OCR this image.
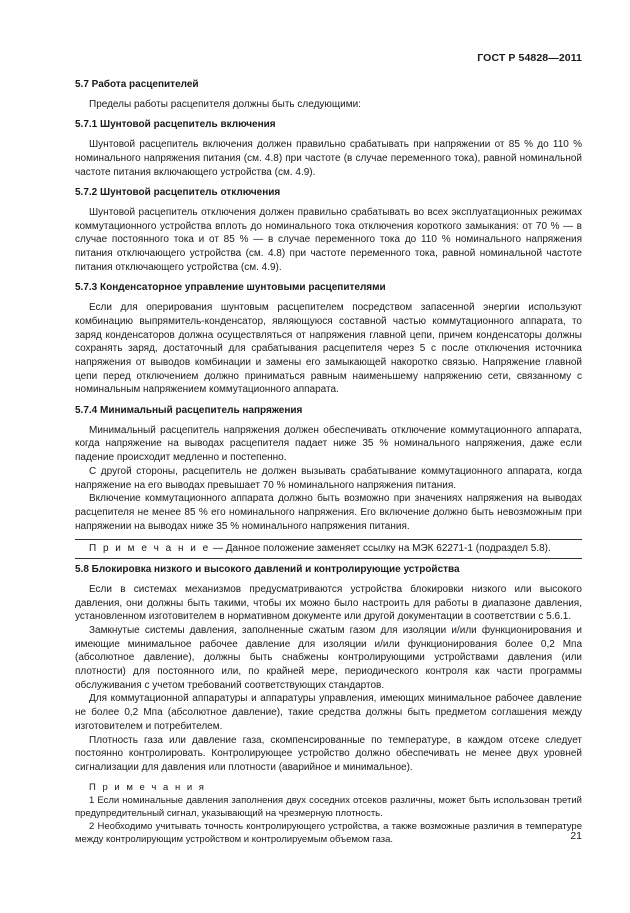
ГОСТ Р 54828—2011
5.7 Работа расцепителей
Пределы работы расцепителя должны быть следующими:
5.7.1 Шунтовой расцепитель включения
Шунтовой расцепитель включения должен правильно срабатывать при напряжении от 85 % до 110 % номинального напряжения питания (см. 4.8) при частоте (в случае переменного тока), равной номинальной частоте питания включающего устройства (см. 4.9).
5.7.2 Шунтовой расцепитель отключения
Шунтовой расцепитель отключения должен правильно срабатывать во всех эксплуатационных режимах коммутационного устройства вплоть до номинального тока отключения короткого замыкания: от 70 % — в случае постоянного тока и от 85 % — в случае переменного тока до 110 % номинального напряжения питания отключающего устройства (см. 4.8) при частоте переменного тока, равной номинальной частоте питания отключающего устройства (см. 4.9).
5.7.3 Конденсаторное управление шунтовыми расцепителями
Если для оперирования шунтовым расцепителем посредством запасенной энергии используют комбинацию выпрямитель-конденсатор, являющуюся составной частью коммутационного аппарата, то заряд конденсаторов должна осуществляться от напряжения главной цепи, причем конденсаторы должны сохранять заряд, достаточный для срабатывания расцепителя через 5 с после отключения источника напряжения от выводов комбинации и замены его замыкающей накоротко связью. Напряжение главной цепи перед отключением должно приниматься равным наименьшему напряжению сети, связанному с номинальным напряжением коммутационного аппарата.
5.7.4 Минимальный расцепитель напряжения
Минимальный расцепитель напряжения должен обеспечивать отключение коммутационного аппарата, когда напряжение на выводах расцепителя падает ниже 35 % номинального напряжения, даже если падение происходит медленно и постепенно.
С другой стороны, расцепитель не должен вызывать срабатывание коммутационного аппарата, когда напряжение на его выводах превышает 70 % номинального напряжения питания.
Включение коммутационного аппарата должно быть возможно при значениях напряжения на выводах расцепителя не менее 85 % его номинального напряжения. Его включение должно быть невозможным при напряжении на выводах ниже 35 % номинального напряжения питания.
П р и м е ч а н и е — Данное положение заменяет ссылку на МЭК 62271-1 (подраздел 5.8).
5.8 Блокировка низкого и высокого давлений и контролирующие устройства
Если в системах механизмов предусматриваются устройства блокировки низкого или высокого давления, они должны быть такими, чтобы их можно было настроить для работы в диапазоне давления, установленном изготовителем в нормативном документе или другой документации в соответствии с 5.6.1.
Замкнутые системы давления, заполненные сжатым газом для изоляции и/или функционирования и имеющие минимальное рабочее давление для изоляции и/или функционирования более 0,2 Мпа (абсолютное давление), должны быть снабжены контролирующими устройствами давления (или плотности) для постоянного или, по крайней мере, периодического контроля как части программы обслуживания с учетом требований соответствующих стандартов.
Для коммутационной аппаратуры и аппаратуры управления, имеющих минимальное рабочее давление не более 0,2 Мпа (абсолютное давление), такие средства должны быть предметом соглашения между изготовителем и потребителем.
Плотность газа или давление газа, скомпенсированные по температуре, в каждом отсеке следует постоянно контролировать. Контролирующее устройство должно обеспечивать не менее двух уровней сигнализации для давления или плотности (аварийное и минимальное).
П р и м е ч а н и я
1 Если номинальные давления заполнения двух соседних отсеков различны, может быть использован третий предупредительный сигнал, указывающий на чрезмерную плотность.
2 Необходимо учитывать точность контролирующего устройства, а также возможные различия в температуре между контролирующим устройством и контролируемым объемом газа.	21
